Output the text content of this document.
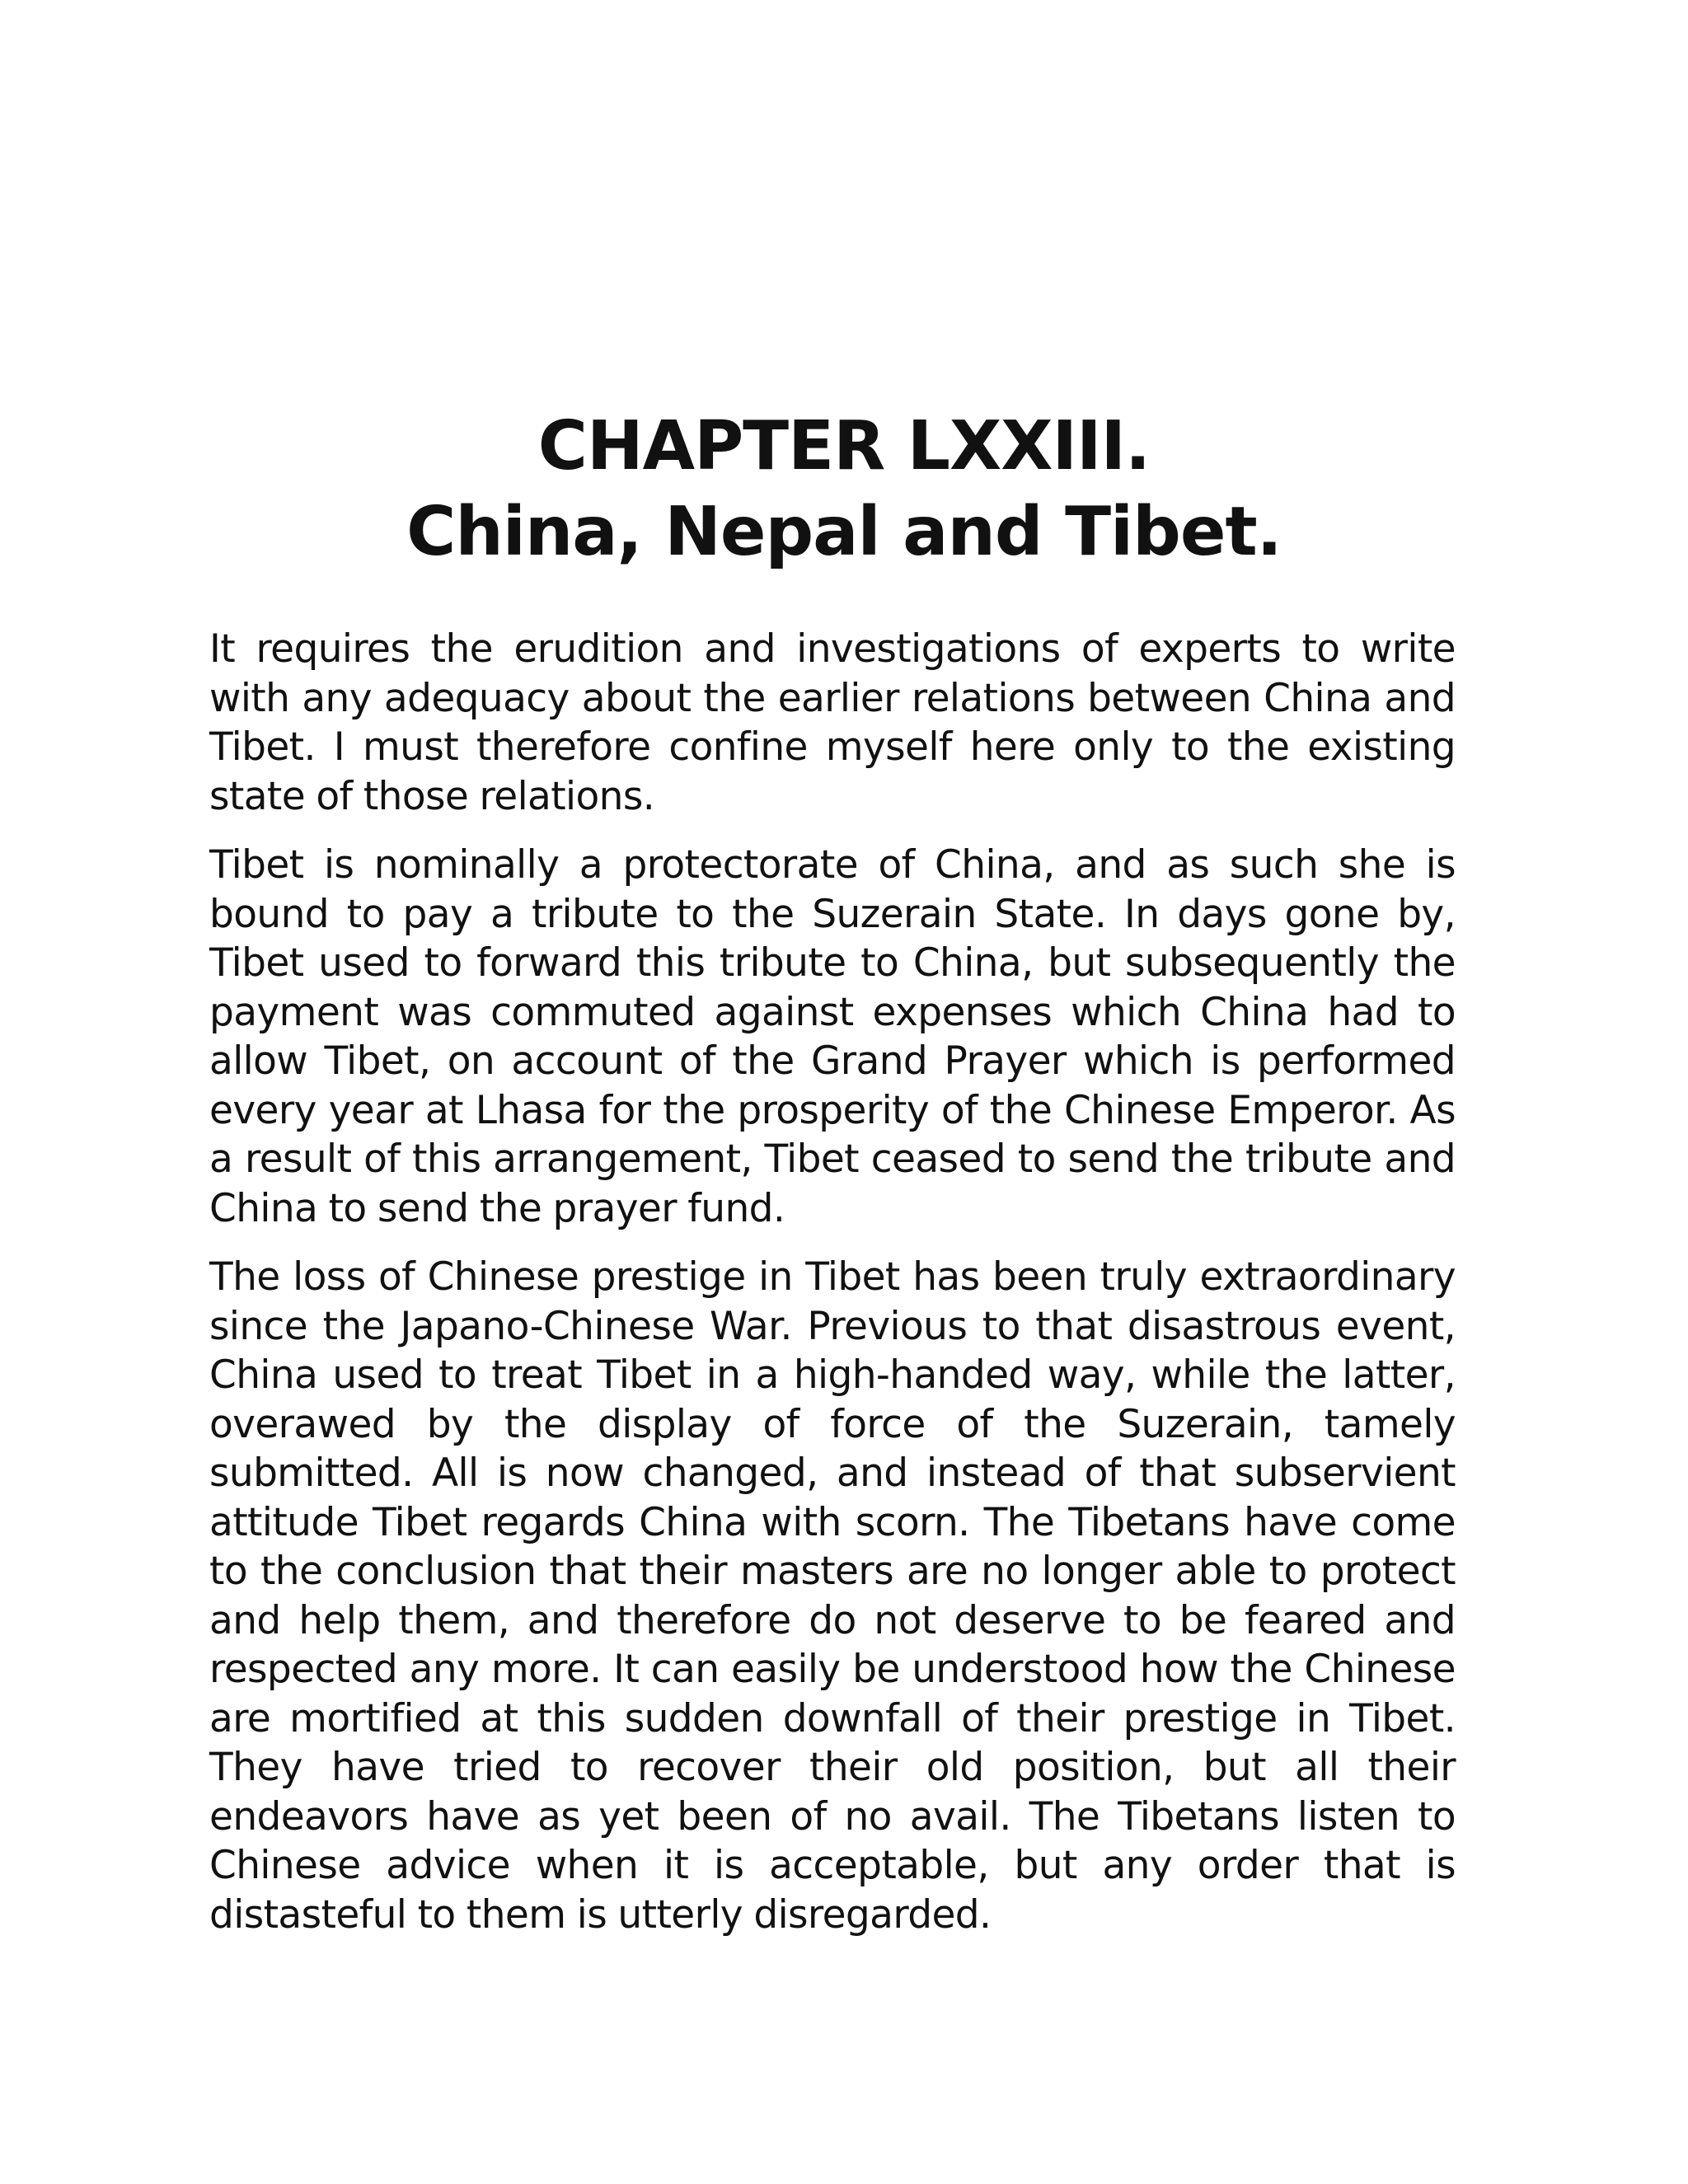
CHAPTER LXXIII.
China, Nepal and Tibet.

It requires the erudition and investigations of experts to write with any adequacy about the earlier relations between China and Tibet. I must therefore confine myself here only to the existing state of those relations.

Tibet is nominally a protectorate of China, and as such she is bound to pay a tribute to the Suzerain State. In days gone by, Tibet used to forward this tribute to China, but subsequently the payment was commuted against expenses which China had to allow Tibet, on account of the Grand Prayer which is performed every year at Lhasa for the prosperity of the Chinese Emperor. As a result of this arrangement, Tibet ceased to send the tribute and China to send the prayer fund.

The loss of Chinese prestige in Tibet has been truly extraordinary since the Japano-Chinese War. Previous to that disastrous event, China used to treat Tibet in a high-handed way, while the latter, overawed by the display of force of the Suzerain, tamely submitted. All is now changed, and instead of that subservient attitude Tibet regards China with scorn. The Tibetans have come to the conclusion that their masters are no longer able to protect and help them, and therefore do not deserve to be feared and respected any more. It can easily be understood how the Chinese are mortified at this sudden downfall of their prestige in Tibet. They have tried to recover their old position, but all their endeavors have as yet been of no avail. The Tibetans listen to Chinese advice when it is acceptable, but any order that is distasteful to them is utterly disregarded.
